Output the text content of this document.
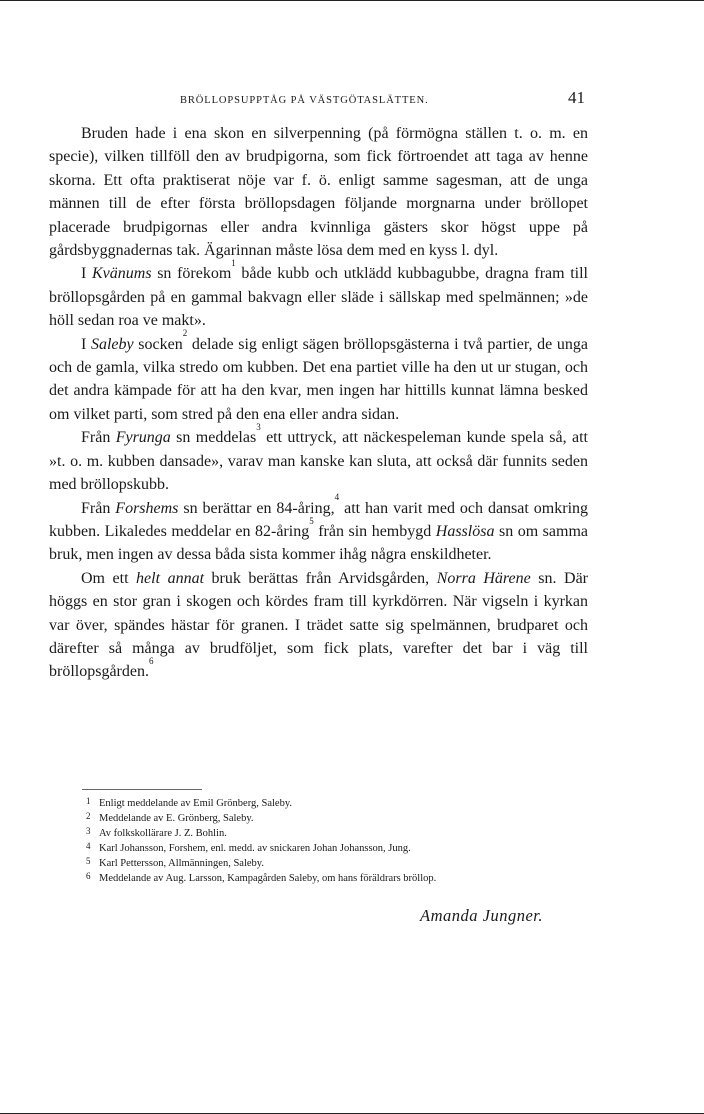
BRÖLLOPSUPPTÅG PÅ VÄSTGÖTASLÄTTEN.	41

Bruden hade i ena skon en silverpenning (på förmögna ställen t. o. m. en specie), vilken tillföll den av brudpigorna, som fick förtroendet att taga av henne skorna. Ett ofta praktiserat nöje var f. ö. enligt samme sagesman, att de unga männen till de efter första bröllopsdagen följande morgnarna under bröllopet placerade brudpigornas eller andra kvinnliga gästers skor högst uppe på gårdsbyggnadernas tak. Ägarinnan måste lösa dem med en kyss l. dyl.

I Kvänums sn förekom$^1$ både kubb och utklädd kubbagubbe, dragna fram till bröllopsgården på en gammal bakvagn eller släde i sällskap med spelmännen; »de höll sedan roa ve makt».

I Saleby socken$^2$ delade sig enligt sägen bröllopsgästerna i två partier, de unga och de gamla, vilka stredo om kubben. Det ena partiet ville ha den ut ur stugan, och det andra kämpade för att ha den kvar, men ingen har hittills kunnat lämna besked om vilket parti, som stred på den ena eller andra sidan.

Från Fyrunga sn meddelas$^3$ ett uttryck, att näckespeleman kunde spela så, att »t. o. m. kubben dansade», varav man kanske kan sluta, att också där funnits seden med bröllopskubb.

Från Forshems sn berättar en 84-åring,$^4$ att han varit med och dansat omkring kubben. Likaledes meddelar en 82-åring$^5$ från sin hembygd Hasslösa sn om samma bruk, men ingen av dessa båda sista kommer ihåg några enskildheter.

Om ett helt annat bruk berättas från Arvidsgården, Norra Härene sn. Där höggs en stor gran i skogen och kördes fram till kyrkdörren. När vigseln i kyrkan var över, spändes hästar för granen. I trädet satte sig spelmännen, brudparet och därefter så många av brudföljet, som fick plats, varefter det bar i väg till bröllopsgården.$^6$

1 Enligt meddelande av Emil Grönberg, Saleby.

2 Meddelande av E. Grönberg, Saleby.

3 Av folkskollärare J. Z. Bohlin.

4 Karl Johansson, Forshem, enl. medd. av snickaren Johan Johansson, Jung.

5 Karl Pettersson, Allmänningen, Saleby.

6 Meddelande av Aug. Larsson, Kampagården Saleby, om hans föräldrars bröllop.

Amanda Jungner.
